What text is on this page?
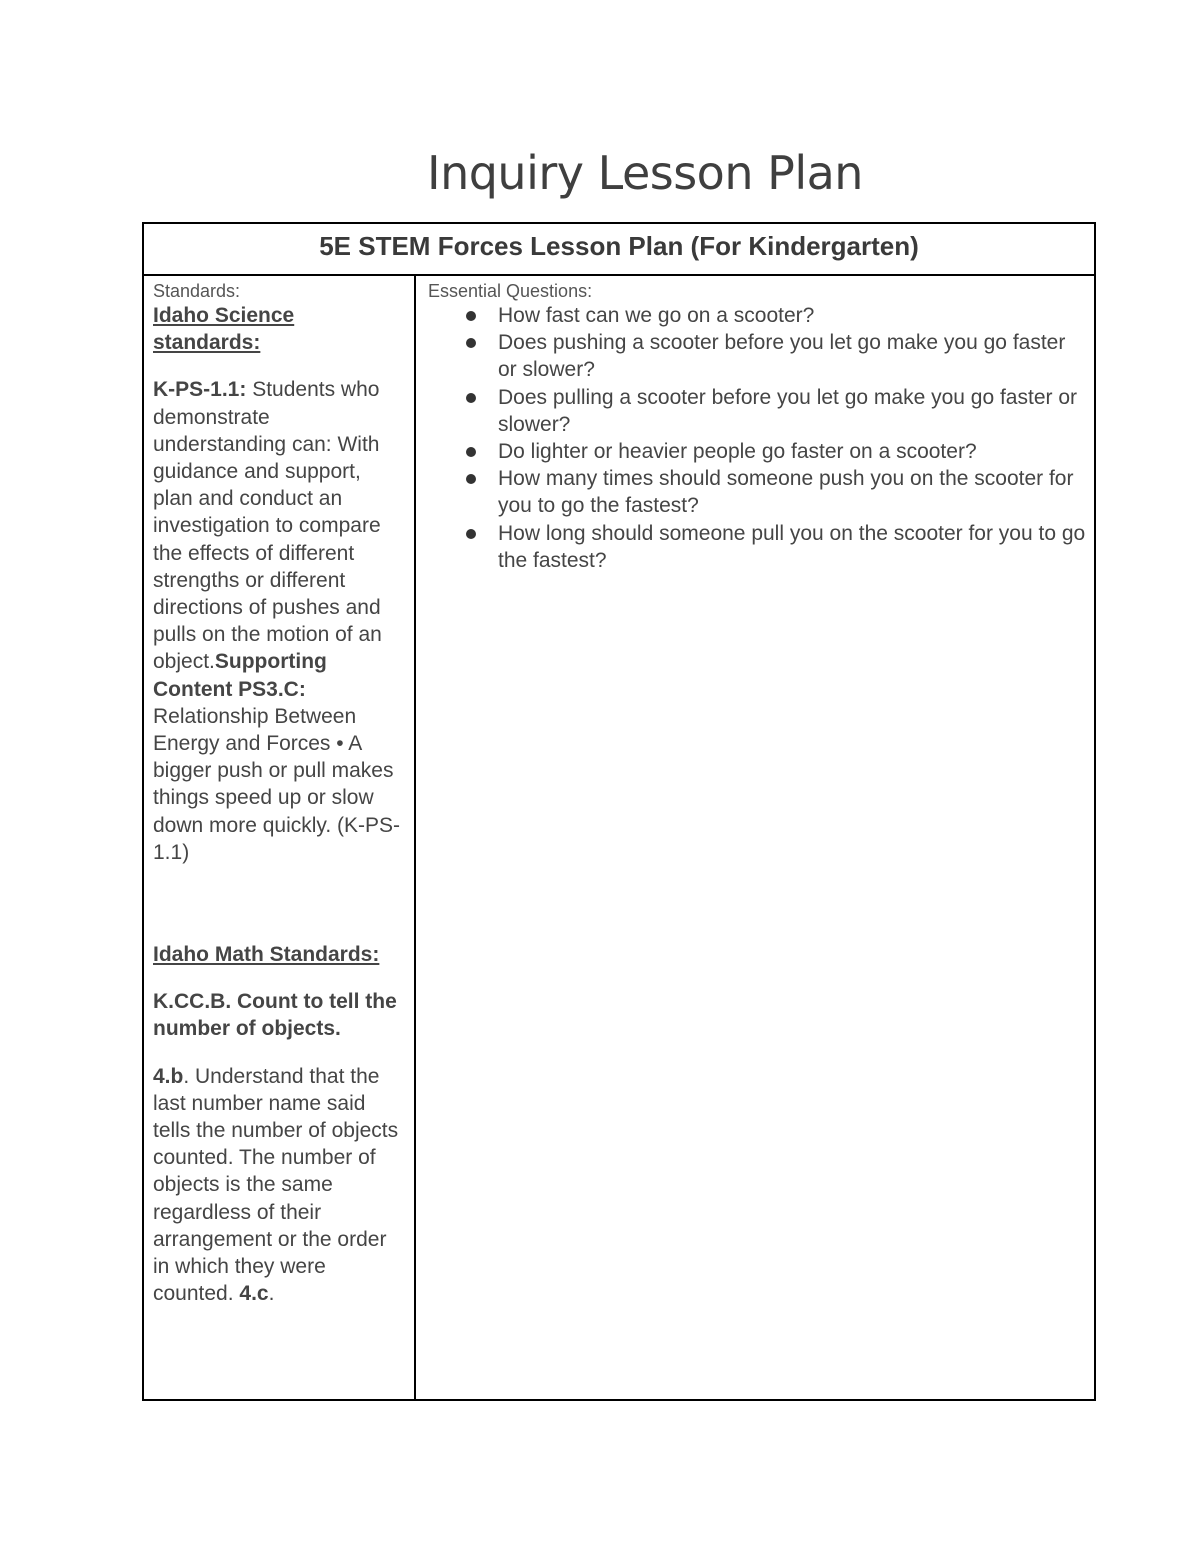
Inquiry Lesson Plan
5E STEM Forces Lesson Plan (For Kindergarten)
Standards:
Idaho Science standards:
K-PS-1.1: Students who demonstrate understanding can: With guidance and support, plan and conduct an investigation to compare the effects of different strengths or different directions of pushes and pulls on the motion of an object.Supporting Content PS3.C: Relationship Between Energy and Forces • A bigger push or pull makes things speed up or slow down more quickly. (K-PS-1.1)
Idaho Math Standards:
K.CC.B. Count to tell the number of objects.
4.b. Understand that the last number name said tells the number of objects counted. The number of objects is the same regardless of their arrangement or the order in which they were counted. 4.c.
Essential Questions:
How fast can we go on a scooter?
Does pushing a scooter before you let go make you go faster or slower?
Does pulling a scooter before you let go make you go faster or slower?
Do lighter or heavier people go faster on a scooter?
How many times should someone push you on the scooter for you to go the fastest?
How long should someone pull you on the scooter for you to go the fastest?
